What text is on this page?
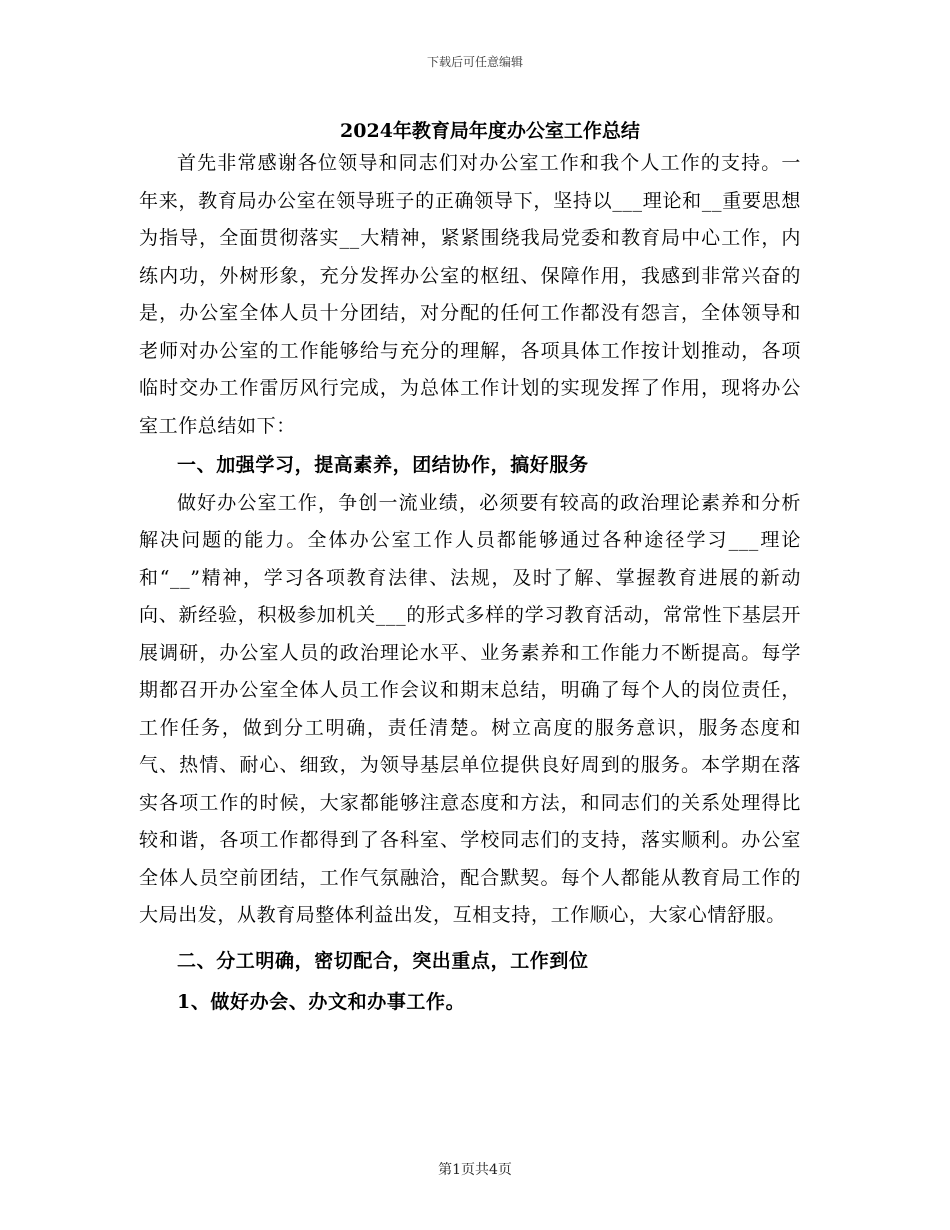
下载后可任意编辑
2024年教育局年度办公室工作总结

首先非常感谢各位领导和同志们对办公室工作和我个人工作的支持。一年来，教育局办公室在领导班子的正确领导下，坚持以___理论和__重要思想为指导，全面贯彻落实__大精神，紧紧围绕我局党委和教育局中心工作，内练内功，外树形象，充分发挥办公室的枢纽、保障作用，我感到非常兴奋的是，办公室全体人员十分团结，对分配的任何工作都没有怨言，全体领导和老师对办公室的工作能够给与充分的理解，各项具体工作按计划推动，各项临时交办工作雷厉风行完成，为总体工作计划的实现发挥了作用，现将办公室工作总结如下：

一、加强学习，提高素养，团结协作，搞好服务

做好办公室工作，争创一流业绩，必须要有较高的政治理论素养和分析解决问题的能力。全体办公室工作人员都能够通过各种途径学习___理论和“__”精神，学习各项教育法律、法规，及时了解、掌握教育进展的新动向、新经验，积极参加机关___的形式多样的学习教育活动，常常性下基层开展调研，办公室人员的政治理论水平、业务素养和工作能力不断提高。每学期都召开办公室全体人员工作会议和期末总结，明确了每个人的岗位责任，工作任务，做到分工明确，责任清楚。树立高度的服务意识，服务态度和气、热情、耐心、细致，为领导基层单位提供良好周到的服务。本学期在落实各项工作的时候，大家都能够注意态度和方法，和同志们的关系处理得比较和谐，各项工作都得到了各科室、学校同志们的支持，落实顺利。办公室全体人员空前团结，工作气氛融洽，配合默契。每个人都能从教育局工作的大局出发，从教育局整体利益出发，互相支持，工作顺心，大家心情舒服。

二、分工明确，密切配合，突出重点，工作到位

1、做好办会、办文和办事工作。

第1页共4页
